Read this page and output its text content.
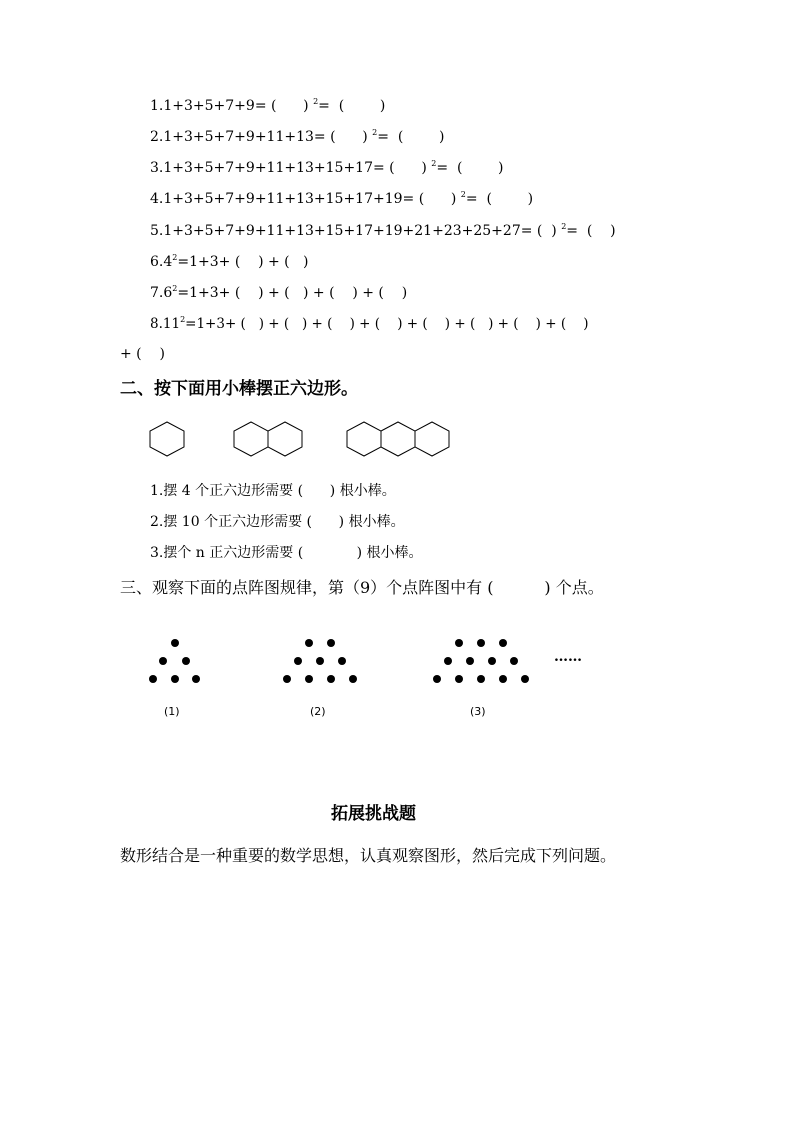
1.1+3+5+7+9= (      ) $^2$=  (        )
2.1+3+5+7+9+11+13= (      ) $^2$=  (        )
3.1+3+5+7+9+11+13+15+17= (      ) $^2$=  (        )
4.1+3+5+7+9+11+13+15+17+19= (      ) $^2$=  (        )
5.1+3+5+7+9+11+13+15+17+19+21+23+25+27= (  ) $^2$=  (    )
$6.4^2=1+3+$ (    ) + (   )
$7.6^2=1+3+$ (    ) + (   ) + (    ) + (    )
$8.11^2=1+3+$ (   ) + (   ) + (    ) + (    ) + (    ) + (   ) + (    ) + (    )
+ (    )
二、按下面用小棒摆正六边形。
1.摆 4 个正六边形需要 (      ) 根小棒。
2.摆 10 个正六边形需要 (      ) 根小棒。
3.摆个 n 正六边形需要 (            ) 根小棒。
三、观察下面的点阵图规律，第（9）个点阵图中有 (          ) 个点。
……
(1)	(2)	(3)
拓展挑战题
数形结合是一种重要的数学思想，认真观察图形，然后完成下列问题。
